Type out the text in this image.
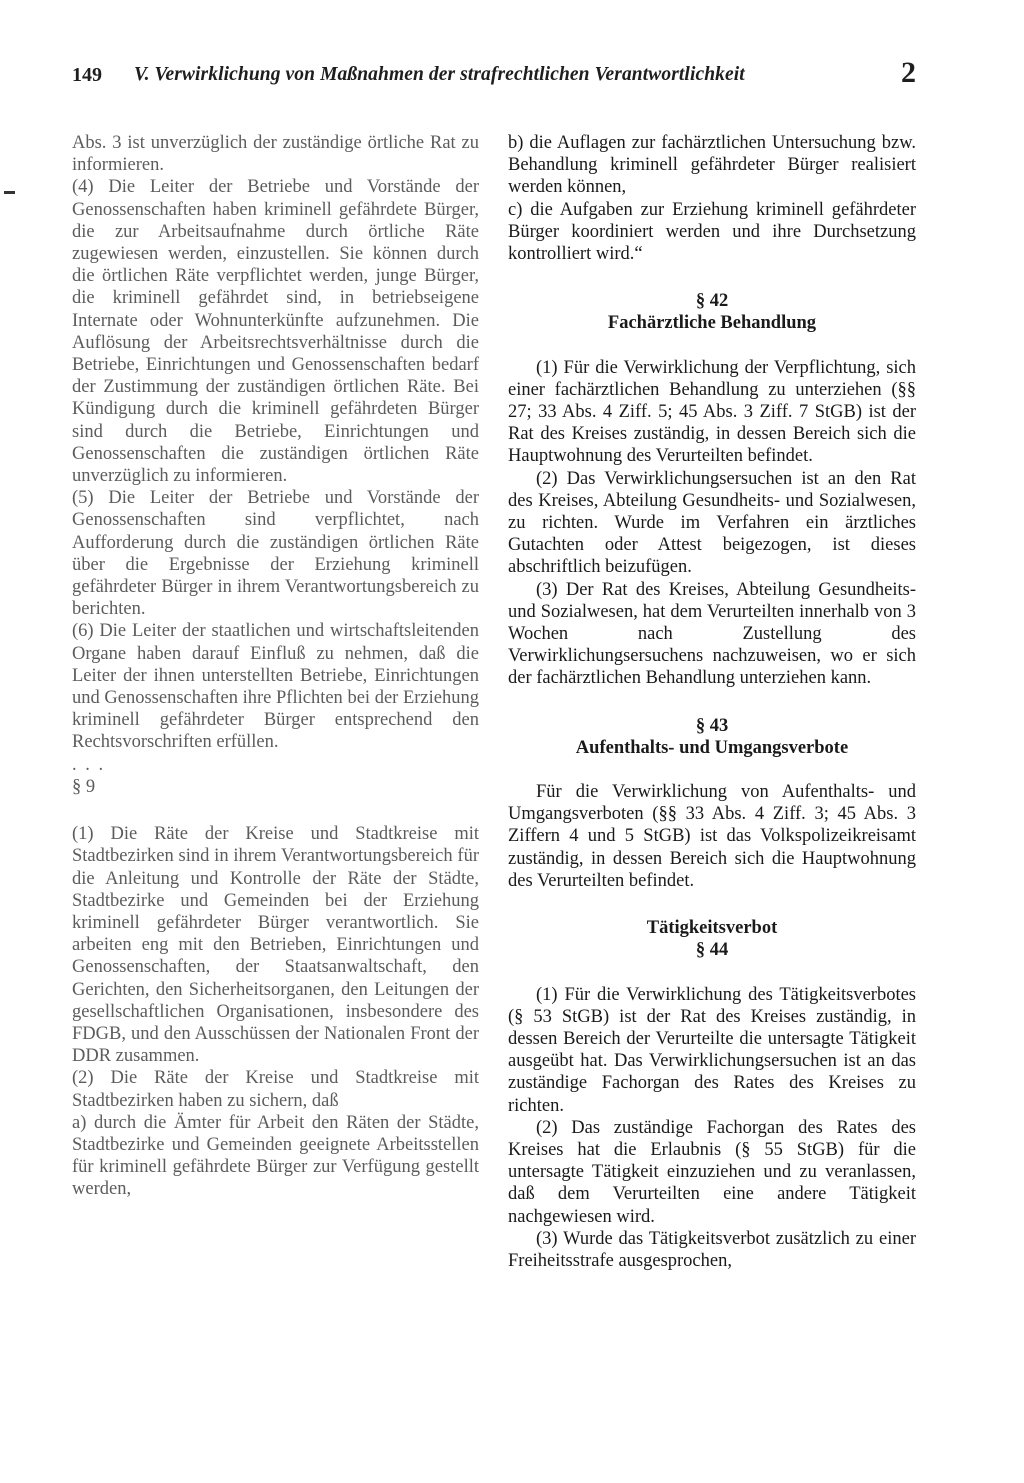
149 V. Verwirklichung von Maßnahmen der strafrechtlichen Verantwortlichkeit	2

Abs. 3 ist unverzüglich der zuständige örtliche Rat zu informieren.

(4) Die Leiter der Betriebe und Vorstände der Genossenschaften haben kriminell gefährdete Bürger, die zur Arbeitsaufnahme durch örtliche Räte zugewiesen werden, einzustellen. Sie können durch die örtlichen Räte verpflichtet werden, junge Bürger, die kriminell gefährdet sind, in betriebseigene Internate oder Wohnunterkünfte aufzunehmen. Die Auflösung der Arbeitsrechtsverhältnisse durch die Betriebe, Einrichtungen und Genossenschaften bedarf der Zustimmung der zuständigen örtlichen Räte. Bei Kündigung durch die kriminell gefährdeten Bürger sind durch die Betriebe, Einrichtungen und Genossenschaften die zuständigen örtlichen Räte unverzüglich zu informieren.

(5) Die Leiter der Betriebe und Vorstände der Genossenschaften sind verpflichtet, nach Aufforderung durch die zuständigen örtlichen Räte über die Ergebnisse der Erziehung kriminell gefährdeter Bürger in ihrem Verantwortungsbereich zu berichten.

(6) Die Leiter der staatlichen und wirtschaftsleitenden Organe haben darauf Einfluß zu nehmen, daß die Leiter der ihnen unterstellten Betriebe, Einrichtungen und Genossenschaften ihre Pflichten bei der Erziehung kriminell gefährdeter Bürger entsprechend den Rechtsvorschriften erfüllen.

. . .

§ 9

(1) Die Räte der Kreise und Stadtkreise mit Stadtbezirken sind in ihrem Verantwortungsbereich für die Anleitung und Kontrolle der Räte der Städte, Stadtbezirke und Gemeinden bei der Erziehung kriminell gefährdeter Bürger verantwortlich. Sie arbeiten eng mit den Betrieben, Einrichtungen und Genossenschaften, der Staatsanwaltschaft, den Gerichten, den Sicherheitsorganen, den Leitungen der gesellschaftlichen Organisationen, insbesondere des FDGB, und den Ausschüssen der Nationalen Front der DDR zusammen.

(2) Die Räte der Kreise und Stadtkreise mit Stadtbezirken haben zu sichern, daß

a) durch die Ämter für Arbeit den Räten der Städte, Stadtbezirke und Gemeinden geeignete Arbeitsstellen für kriminell gefährdete Bürger zur Verfügung gestellt werden,

b) die Auflagen zur fachärztlichen Untersuchung bzw. Behandlung kriminell gefährdeter Bürger realisiert werden können,

c) die Aufgaben zur Erziehung kriminell gefährdeter Bürger koordiniert werden und ihre Durchsetzung kontrolliert wird.“

§ 42

Fachärztliche Behandlung

(1) Für die Verwirklichung der Verpflichtung, sich einer fachärztlichen Behandlung zu unterziehen (§§ 27; 33 Abs. 4 Ziff. 5; 45 Abs. 3 Ziff. 7 StGB) ist der Rat des Kreises zuständig, in dessen Bereich sich die Hauptwohnung des Verurteilten befindet.

(2) Das Verwirklichungsersuchen ist an den Rat des Kreises, Abteilung Gesundheits- und Sozialwesen, zu richten. Wurde im Verfahren ein ärztliches Gutachten oder Attest beigezogen, ist dieses abschriftlich beizufügen.

(3) Der Rat des Kreises, Abteilung Gesundheits- und Sozialwesen, hat dem Verurteilten innerhalb von 3 Wochen nach Zustellung des Verwirklichungsersuchens nachzuweisen, wo er sich der fachärztlichen Behandlung unterziehen kann.

§ 43

Aufenthalts- und Umgangsverbote

Für die Verwirklichung von Aufenthalts- und Umgangsverboten (§§ 33 Abs. 4 Ziff. 3; 45 Abs. 3 Ziffern 4 und 5 StGB) ist das Volkspolizeikreisamt zuständig, in dessen Bereich sich die Hauptwohnung des Verurteilten befindet.

Tätigkeitsverbot

§ 44

(1) Für die Verwirklichung des Tätigkeitsverbotes (§ 53 StGB) ist der Rat des Kreises zuständig, in dessen Bereich der Verurteilte die untersagte Tätigkeit ausgeübt hat. Das Verwirklichungsersuchen ist an das zuständige Fachorgan des Rates des Kreises zu richten.

(2) Das zuständige Fachorgan des Rates des Kreises hat die Erlaubnis (§ 55 StGB) für die untersagte Tätigkeit einzuziehen und zu veranlassen, daß dem Verurteilten eine andere Tätigkeit nachgewiesen wird.

(3) Wurde das Tätigkeitsverbot zusätzlich zu einer Freiheitsstrafe ausgesprochen,
